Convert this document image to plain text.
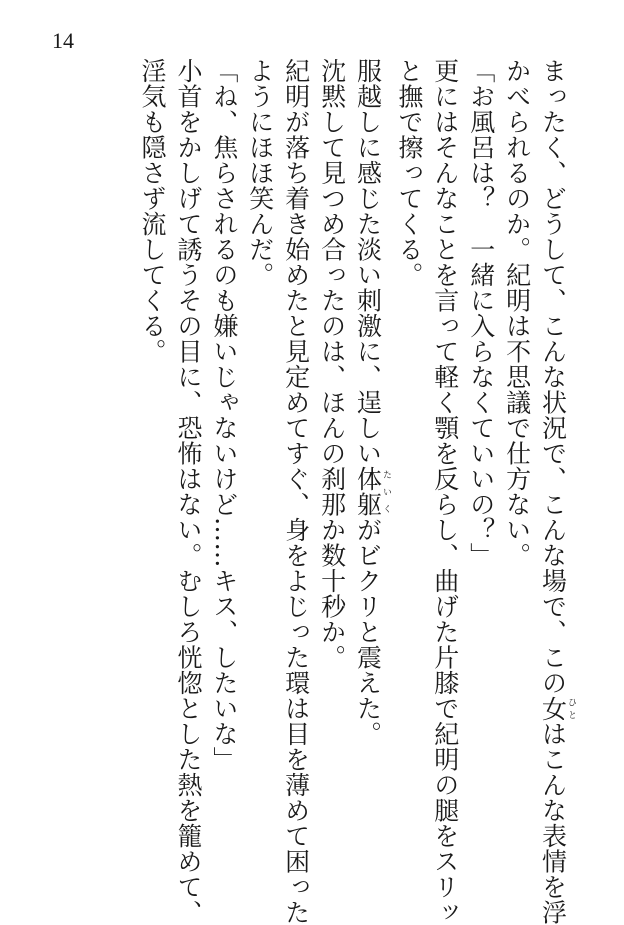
14
まったく、どうして、こんな状況で、こんな場で、この女ひとはこんな表情を浮
かべられるのか。紀明は不思議で仕方ない。
「お風呂は？　一緒に入らなくていいの？」
更にはそんなことを言って軽く顎を反らし、曲げた片膝で紀明の腿をスリッ
と撫で擦ってくる。
服越しに感じた淡い刺激に、逞しい体躯たいくがビクリと震えた。
沈黙して見つめ合ったのは、ほんの刹那か数十秒か。
紀明が落ち着き始めたと見定めてすぐ、身をよじった環は目を薄めて困った
ようにほほ笑んだ。
「ね、焦らされるのも嫌いじゃないけど……キス、したいな」
小首をかしげて誘うその目に、恐怖はない。むしろ恍惚とした熱を籠めて、
淫気も隠さず流してくる。
